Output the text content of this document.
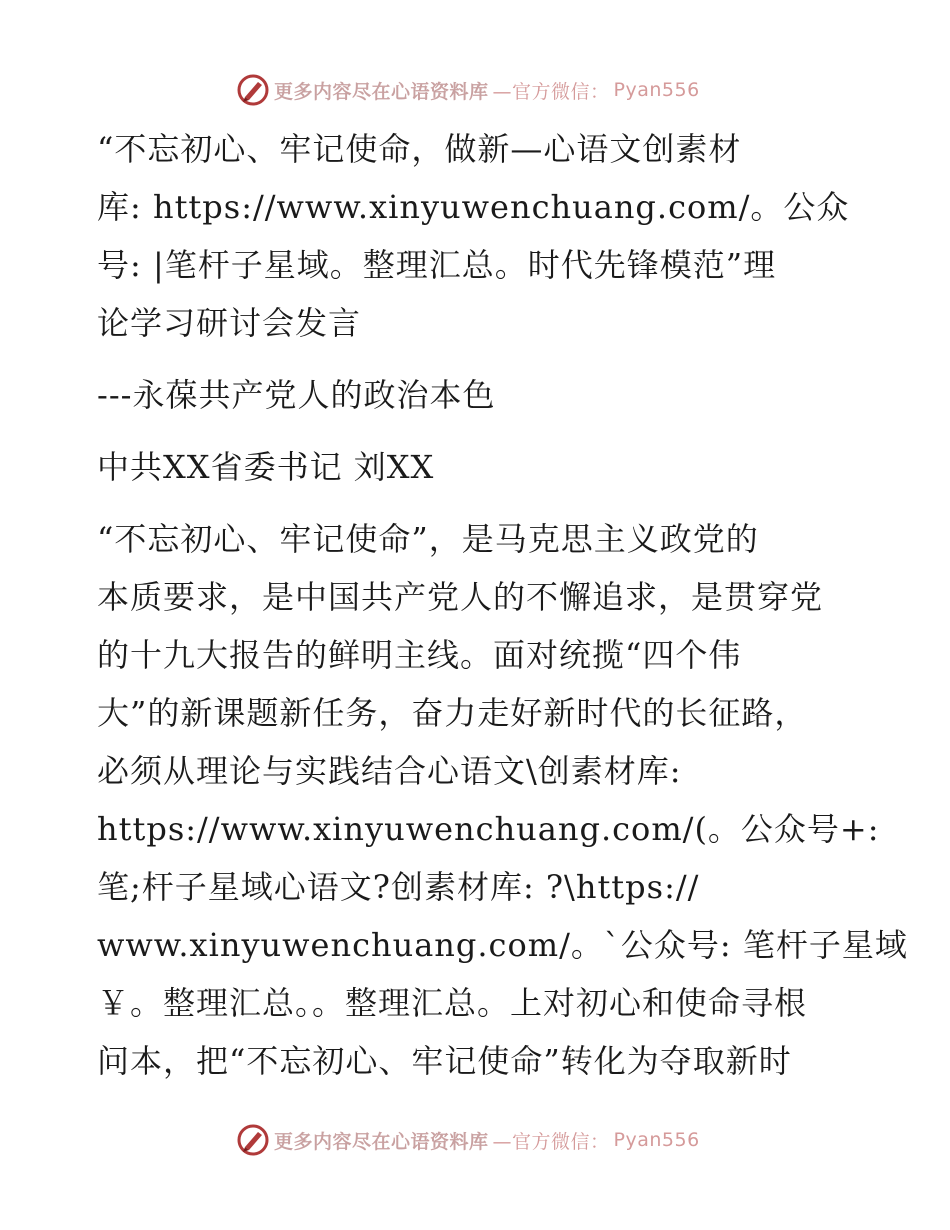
更多内容尽在心语资料库 —官方微信： Pyan556
“不忘初心、牢记使命，做新—心语文创素材
库: https://www.xinyuwenchuang.com/。公众
号: |笔杆子星域。整理汇总。时代先锋模范”理
论学习研讨会发言
---永葆共产党人的政治本色
中共XX省委书记 刘XX
“不忘初心、牢记使命”，是马克思主义政党的
本质要求，是中国共产党人的不懈追求，是贯穿党
的十九大报告的鲜明主线。面对统揽“四个伟
大”的新课题新任务，奋力走好新时代的长征路，
必须从理论与实践结合心语文\创素材库:
https://www.xinyuwenchuang.com/(。公众号+:
笔;杆子星域心语文?创素材库: ?\https://
www.xinyuwenchuang.com/。`公众号: 笔杆子星域
￥。整理汇总。。整理汇总。上对初心和使命寻根
问本，把“不忘初心、牢记使命”转化为夺取新时
更多内容尽在心语资料库 —官方微信： Pyan556
